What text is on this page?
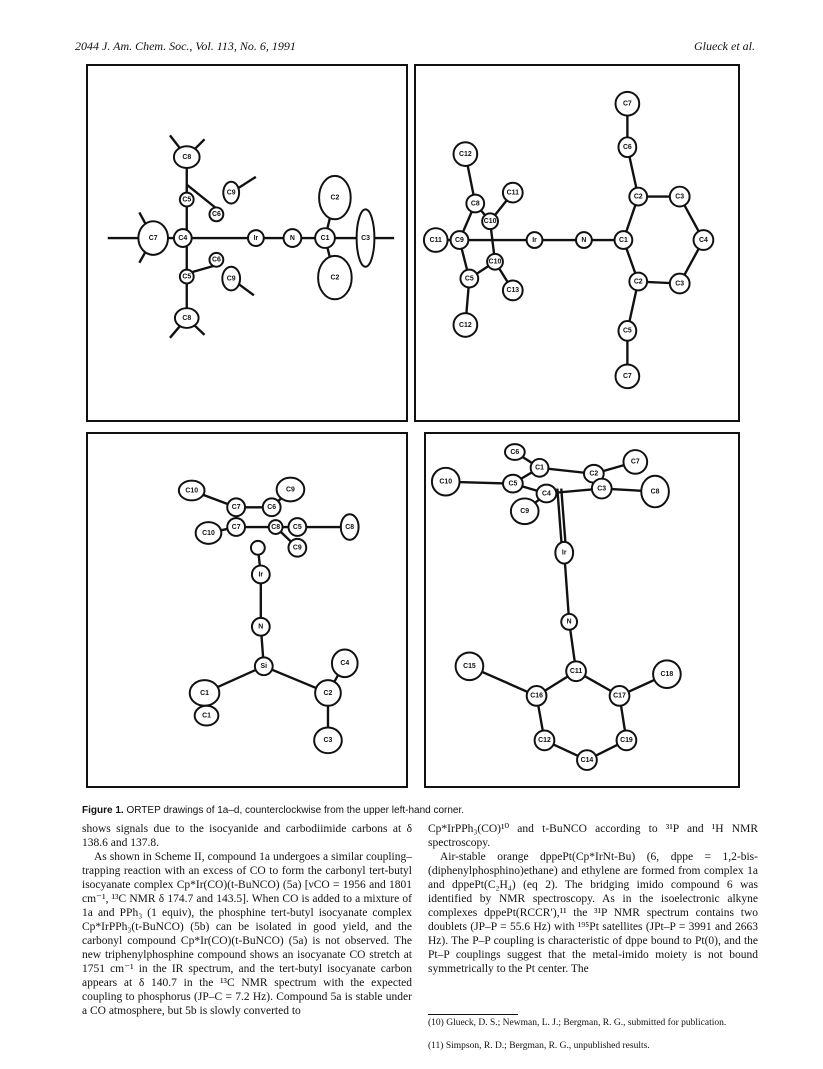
2044 J. Am. Chem. Soc., Vol. 113, No. 6, 1991	Glueck et al.
C8
C9
C5
C6
C7	C4	Ir	N
C2
C1	C3
C6
C9
C5	C2
C8
C7
C12
C6
C8
C11
C3
C2
C11 C9
C10
Ir	N	C1	C4
C10
C13
C5	C2	C3
C5
C7
C12
C10	C9
C7	C6
C10
C7	C8 C5
C9
C8
Ir
N
C4
C1
Si
C2
C1
C3
C6
C1
C10	C5
C2
C7
C4
C3	C8
C9
Ir
N
C15
C16
C11
C17
C18
C12	C19
C14
Figure 1. ORTEP drawings of 1a–d, counterclockwise from the upper left-hand corner.

shows signals due to the isocyanide and carbodiimide carbons at δ 138.6 and 137.8.

As shown in Scheme II, compound 1a undergoes a similar coupling–trapping reaction with an excess of CO to form the carbonyl tert-butyl isocyanate complex Cp*Ir(CO)(t-BuNCO) (5a) [νCO = 1956 and 1801 cm⁻¹, ¹³C NMR δ 174.7 and 143.5]. When CO is added to a mixture of 1a and PPh₃ (1 equiv), the phosphine tert-butyl isocyanate complex Cp*IrPPh₃(t-BuNCO) (5b) can be isolated in good yield, and the carbonyl compound Cp*Ir(CO)(t-BuNCO) (5a) is not observed. The new triphenylphosphine compound shows an isocyanate CO stretch at 1751 cm⁻¹ in the IR spectrum, and the tert-butyl isocyanate carbon appears at δ 140.7 in the ¹³C NMR spectrum with the expected coupling to phosphorus (JP–C = 7.2 Hz). Compound 5a is stable under a CO atmosphere, but 5b is slowly converted to

Cp*IrPPh₃(CO)¹⁰ and t-BuNCO according to ³¹P and ¹H NMR spectroscopy.

Air-stable orange dppePt(Cp*IrNt-Bu) (6, dppe = 1,2-bis-(diphenylphosphino)ethane) and ethylene are formed from complex 1a and dppePt(C₂H₄) (eq 2). The bridging imido compound 6 was identified by NMR spectroscopy. As in the isoelectronic alkyne complexes dppePt(RCCR′),¹¹ the ³¹P NMR spectrum contains two doublets (JP–P = 55.6 Hz) with ¹⁹⁵Pt satellites (JPt–P = 3991 and 2663 Hz). The P–P coupling is characteristic of dppe bound to Pt(0), and the Pt–P couplings suggest that the metal-imido moiety is not bound symmetrically to the Pt center. The

(10) Glueck, D. S.; Newman, L. J.; Bergman, R. G., submitted for publication.
(11) Simpson, R. D.; Bergman, R. G., unpublished results.
